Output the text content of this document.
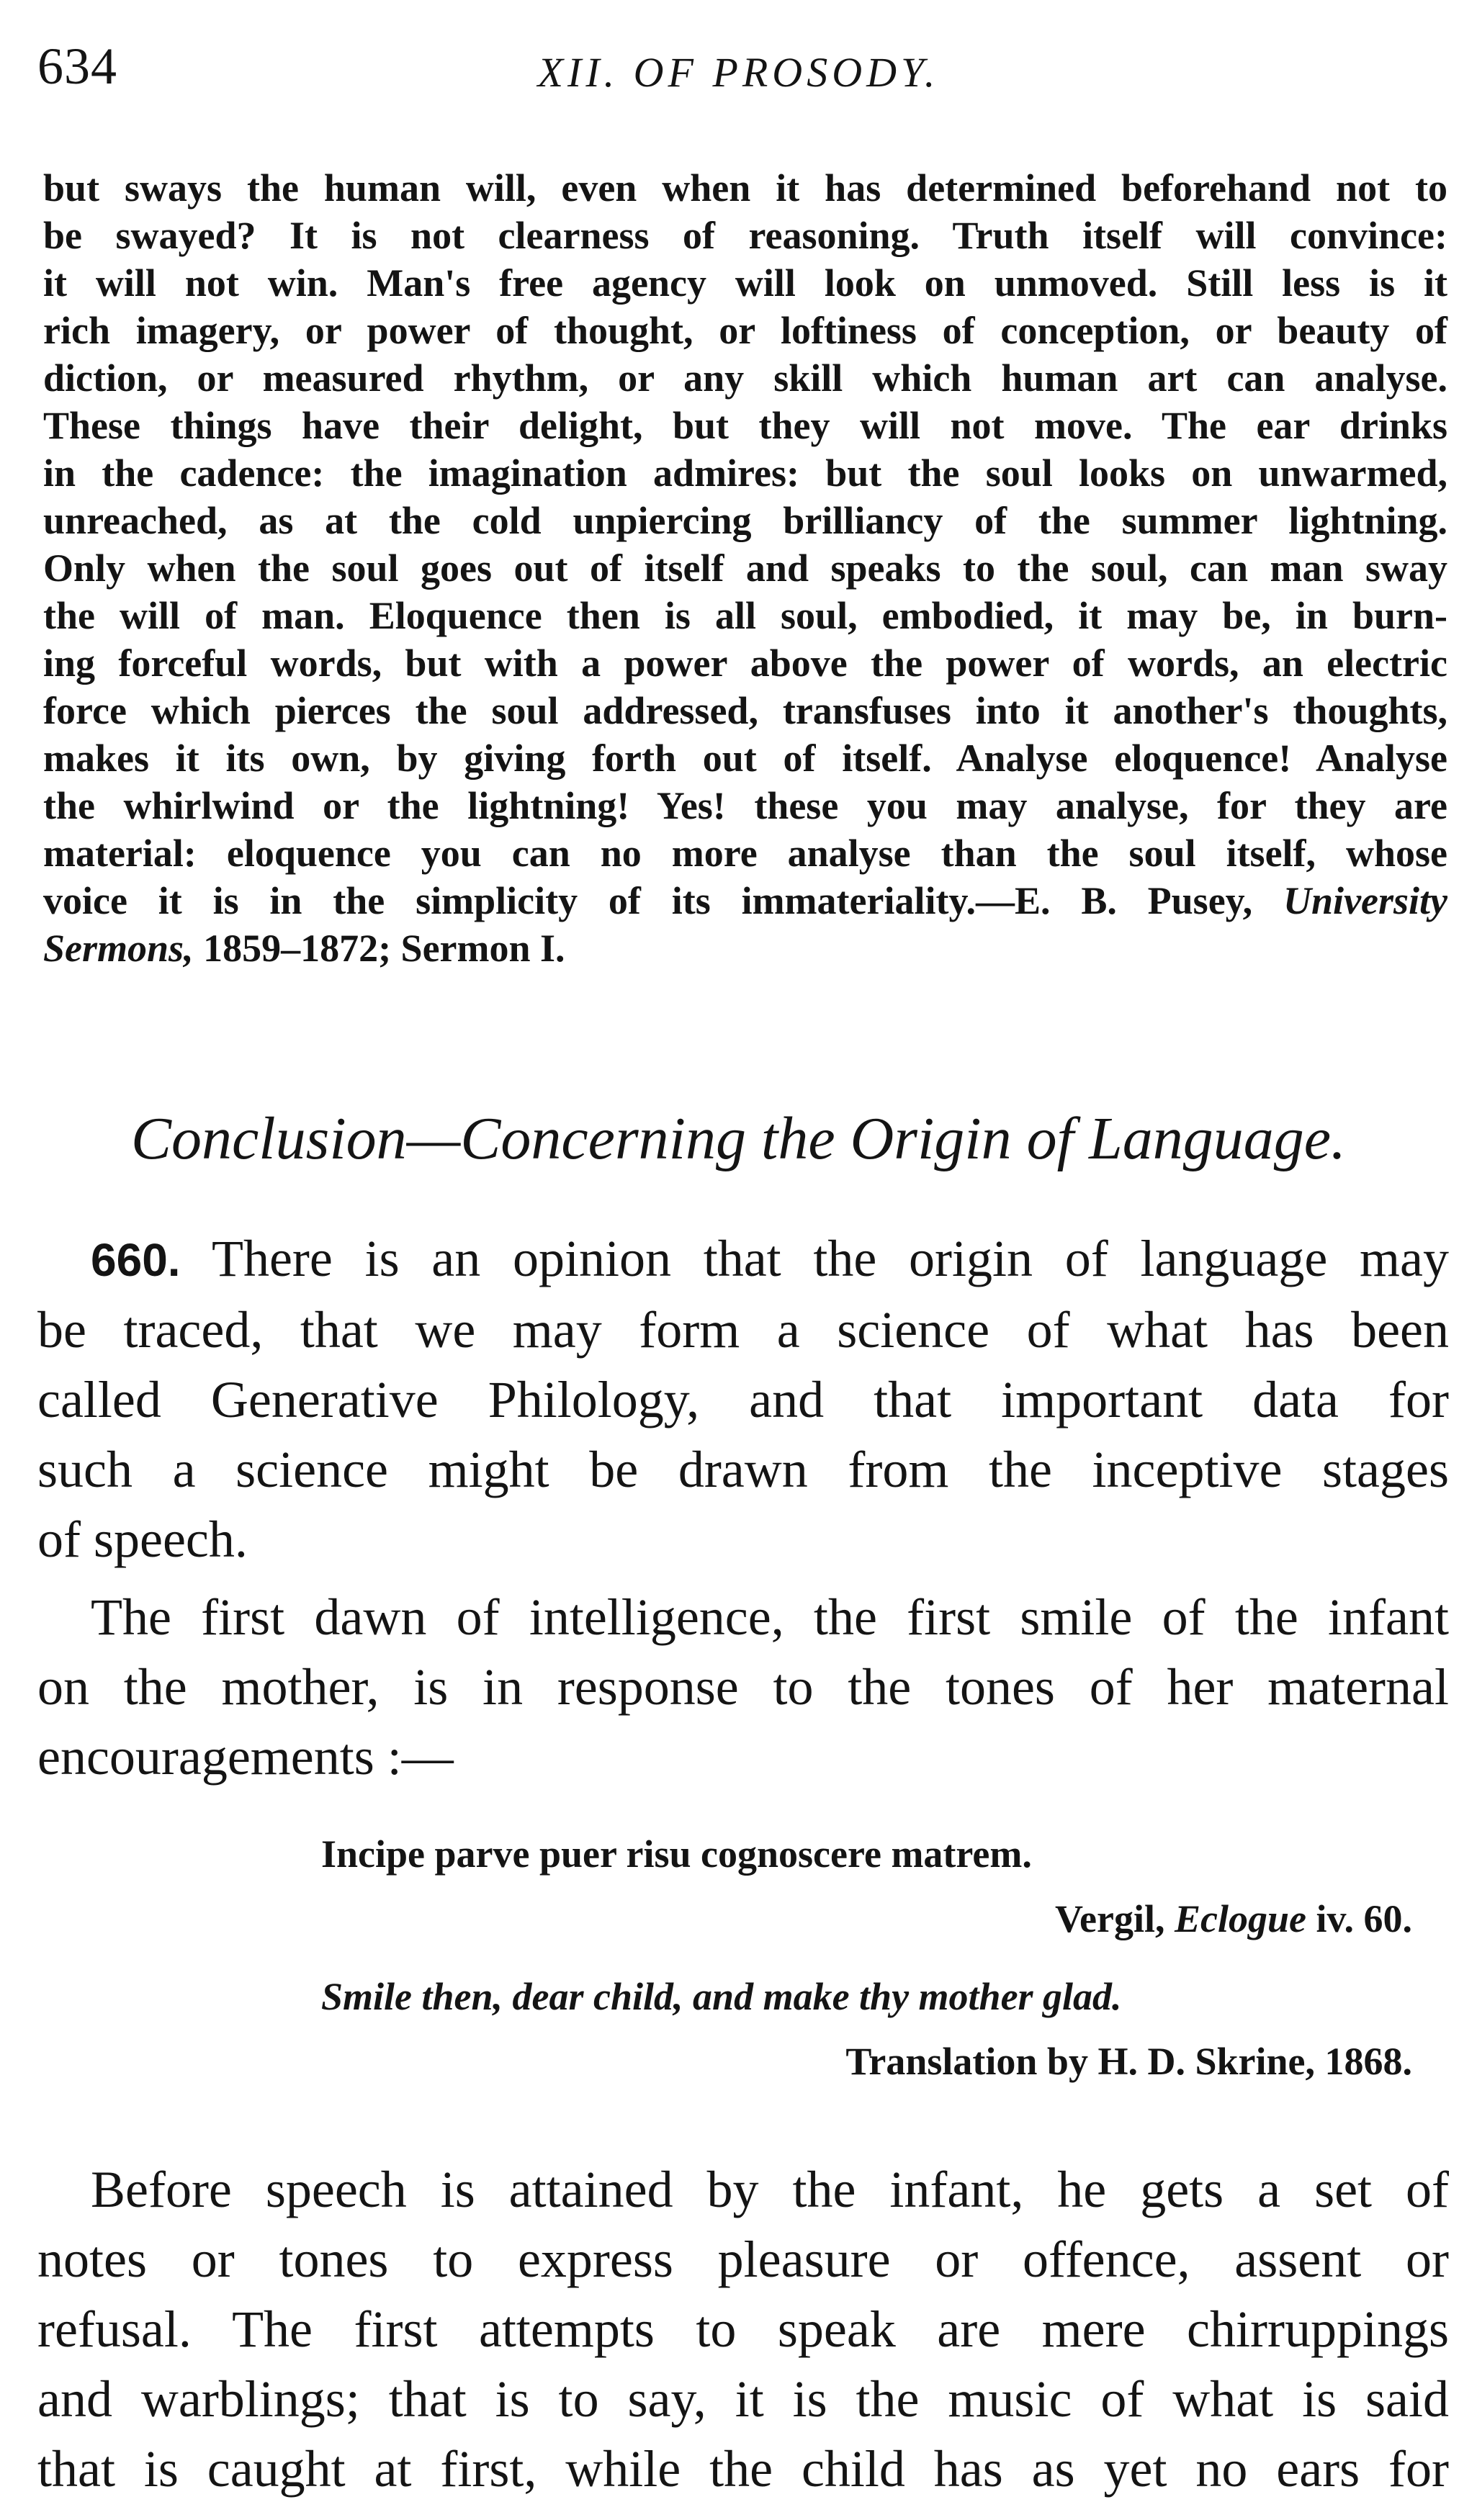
634	XII. OF PROSODY.
but sways the human will, even when it has determined beforehand not to
be swayed? It is not clearness of reasoning. Truth itself will convince:
it will not win. Man's free agency will look on unmoved. Still less is it
rich imagery, or power of thought, or loftiness of conception, or beauty of
diction, or measured rhythm, or any skill which human art can analyse.
These things have their delight, but they will not move. The ear drinks
in the cadence: the imagination admires: but the soul looks on unwarmed,
unreached, as at the cold unpiercing brilliancy of the summer lightning.
Only when the soul goes out of itself and speaks to the soul, can man sway
the will of man. Eloquence then is all soul, embodied, it may be, in burn-
ing forceful words, but with a power above the power of words, an electric
force which pierces the soul addressed, transfuses into it another's thoughts,
makes it its own, by giving forth out of itself. Analyse eloquence! Analyse
the whirlwind or the lightning! Yes! these you may analyse, for they are
material: eloquence you can no more analyse than the soul itself, whose
voice it is in the simplicity of its immateriality.—E. B. Pusey, University
Sermons, 1859–1872; Sermon I.
Conclusion—Concerning the Origin of Language.
660. There is an opinion that the origin of language may
be traced, that we may form a science of what has been
called Generative Philology, and that important data for
such a science might be drawn from the inceptive stages
of speech.
The first dawn of intelligence, the first smile of the infant
on the mother, is in response to the tones of her maternal
encouragements :—
Incipe parve puer risu cognoscere matrem.
Vergil, Eclogue iv. 60.
Smile then, dear child, and make thy mother glad.
Translation by H. D. Skrine, 1868.
Before speech is attained by the infant, he gets a set of
notes or tones to express pleasure or offence, assent or
refusal. The first attempts to speak are mere chirruppings
and warblings; that is to say, it is the music of what is said
that is caught at first, while the child has as yet no ears for
